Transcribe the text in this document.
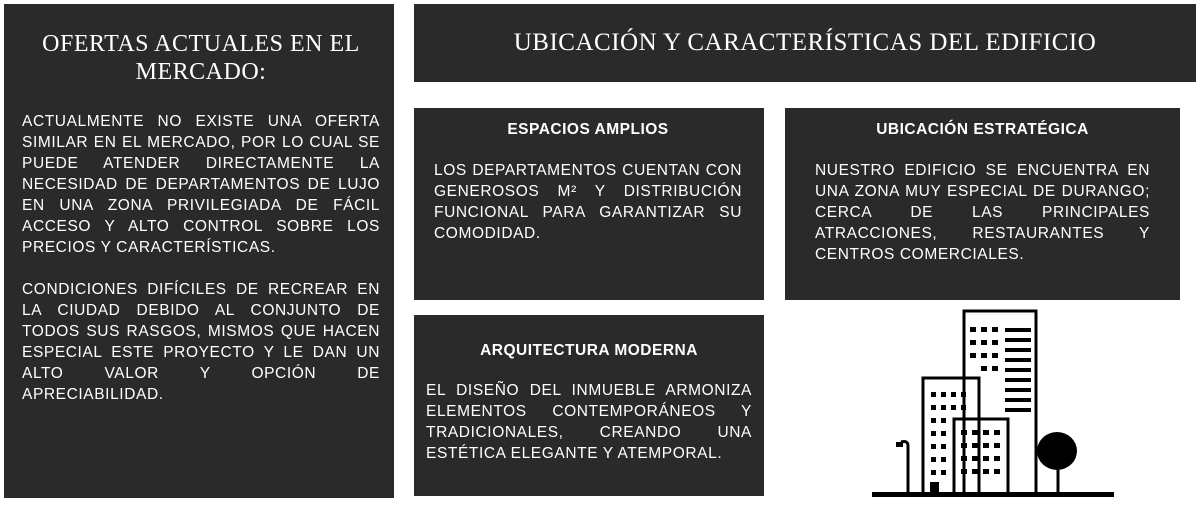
OFERTAS ACTUALES EN EL MERCADO:

ACTUALMENTE NO EXISTE UNA OFERTA SIMILAR EN EL MERCADO, POR LO CUAL SE PUEDE ATENDER DIRECTAMENTE LA NECESIDAD DE DEPARTAMENTOS DE LUJO EN UNA ZONA PRIVILEGIADA DE FÁCIL ACCESO Y ALTO CONTROL SOBRE LOS PRECIOS Y CARACTERÍSTICAS.

CONDICIONES DIFÍCILES DE RECREAR EN LA CIUDAD DEBIDO AL CONJUNTO DE TODOS SUS RASGOS, MISMOS QUE HACEN ESPECIAL ESTE PROYECTO Y LE DAN UN ALTO VALOR Y OPCIÓN DE APRECIABILIDAD.

UBICACIÓN Y CARACTERÍSTICAS DEL EDIFICIO
ESPACIOS AMPLIOS

LOS DEPARTAMENTOS CUENTAN CON GENEROSOS M² Y DISTRIBUCIÓN FUNCIONAL PARA GARANTIZAR SU COMODIDAD.

UBICACIÓN ESTRATÉGICA

NUESTRO EDIFICIO SE ENCUENTRA EN UNA ZONA MUY ESPECIAL DE DURANGO; CERCA DE LAS PRINCIPALES ATRACCIONES, RESTAURANTES Y CENTROS COMERCIALES.

ARQUITECTURA MODERNA

EL DISEÑO DEL INMUEBLE ARMONIZA ELEMENTOS CONTEMPORÁNEOS Y TRADICIONALES, CREANDO UNA ESTÉTICA ELEGANTE Y ATEMPORAL.
